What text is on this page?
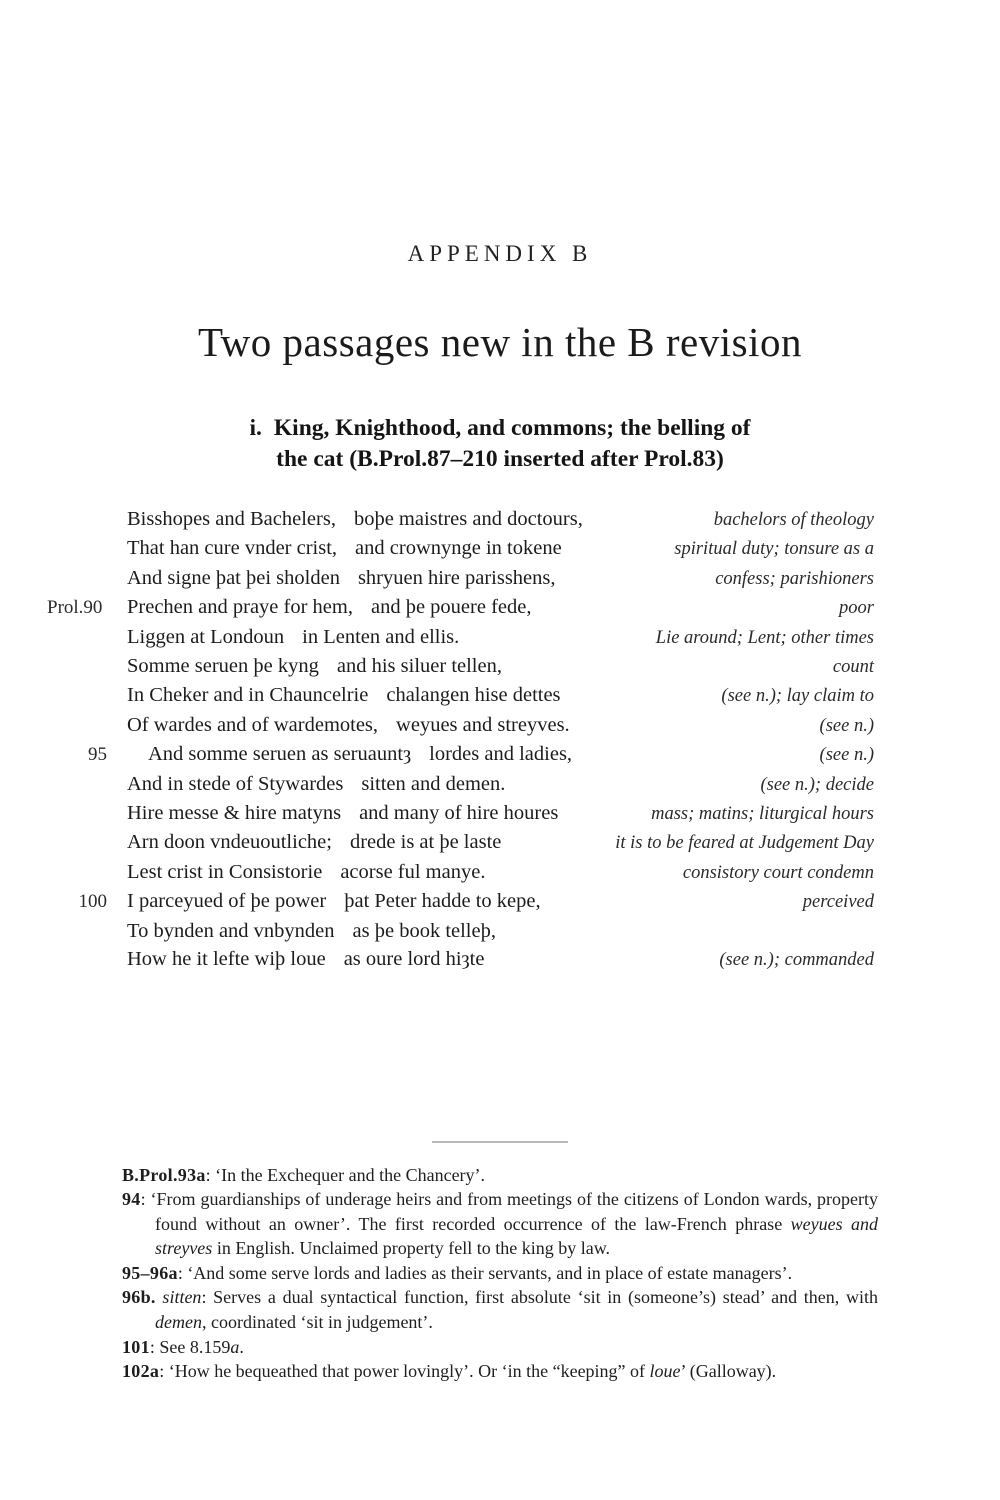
APPENDIX B
Two passages new in the B revision
i. King, Knighthood, and commons; the belling of
the cat (B.Prol.87–210 inserted after Prol.83)
Bisshopes and Bachelers, boþe maistres and doctours,	bachelors of theology
That han cure vnder crist, and crownynge in tokene	spiritual duty; tonsure as a
And signe þat þei sholden shryuen hire parisshens,	confess; parishioners
Prol.90 Prechen and praye for hem, and þe pouere fede,	poor
Liggen at Londoun in Lenten and ellis.	Lie around; Lent; other times
Somme seruen þe kyng and his siluer tellen,	count
In Cheker and in Chauncelrie chalangen hise dettes	(see n.); lay claim to
Of wardes and of wardemotes, weyues and streyves.	(see n.)
95	And somme seruen as seruauntȝ lordes and ladies,	(see n.)
And in stede of Stywardes sitten and demen.	(see n.); decide
Hire messe & hire matyns and many of hire houres	mass; matins; liturgical hours
Arn doon vndeuoutliche; drede is at þe laste	it is to be feared at Judgement Day
Lest crist in Consistorie acorse ful manye.	consistory court condemn
100 I parceyued of þe power þat Peter hadde to kepe,	perceived
To bynden and vnbynden as þe book telleþ,
How he it lefte wiþ loue as oure lord hiȝte	(see n.); commanded
B.Prol.93a: ‘In the Exchequer and the Chancery’.
94: ‘From guardianships of underage heirs and from meetings of the citizens of London wards, property found without an owner’. The first recorded occurrence of the law-French phrase weyues and streyves in English. Unclaimed property fell to the king by law.
95–96a: ‘And some serve lords and ladies as their servants, and in place of estate managers’.
96b. sitten: Serves a dual syntactical function, first absolute ‘sit in (someone’s) stead’ and then, with demen, coordinated ‘sit in judgement’.
101: See 8.159a.
102a: ‘How he bequeathed that power lovingly’. Or ‘in the “keeping” of loue’ (Galloway).
